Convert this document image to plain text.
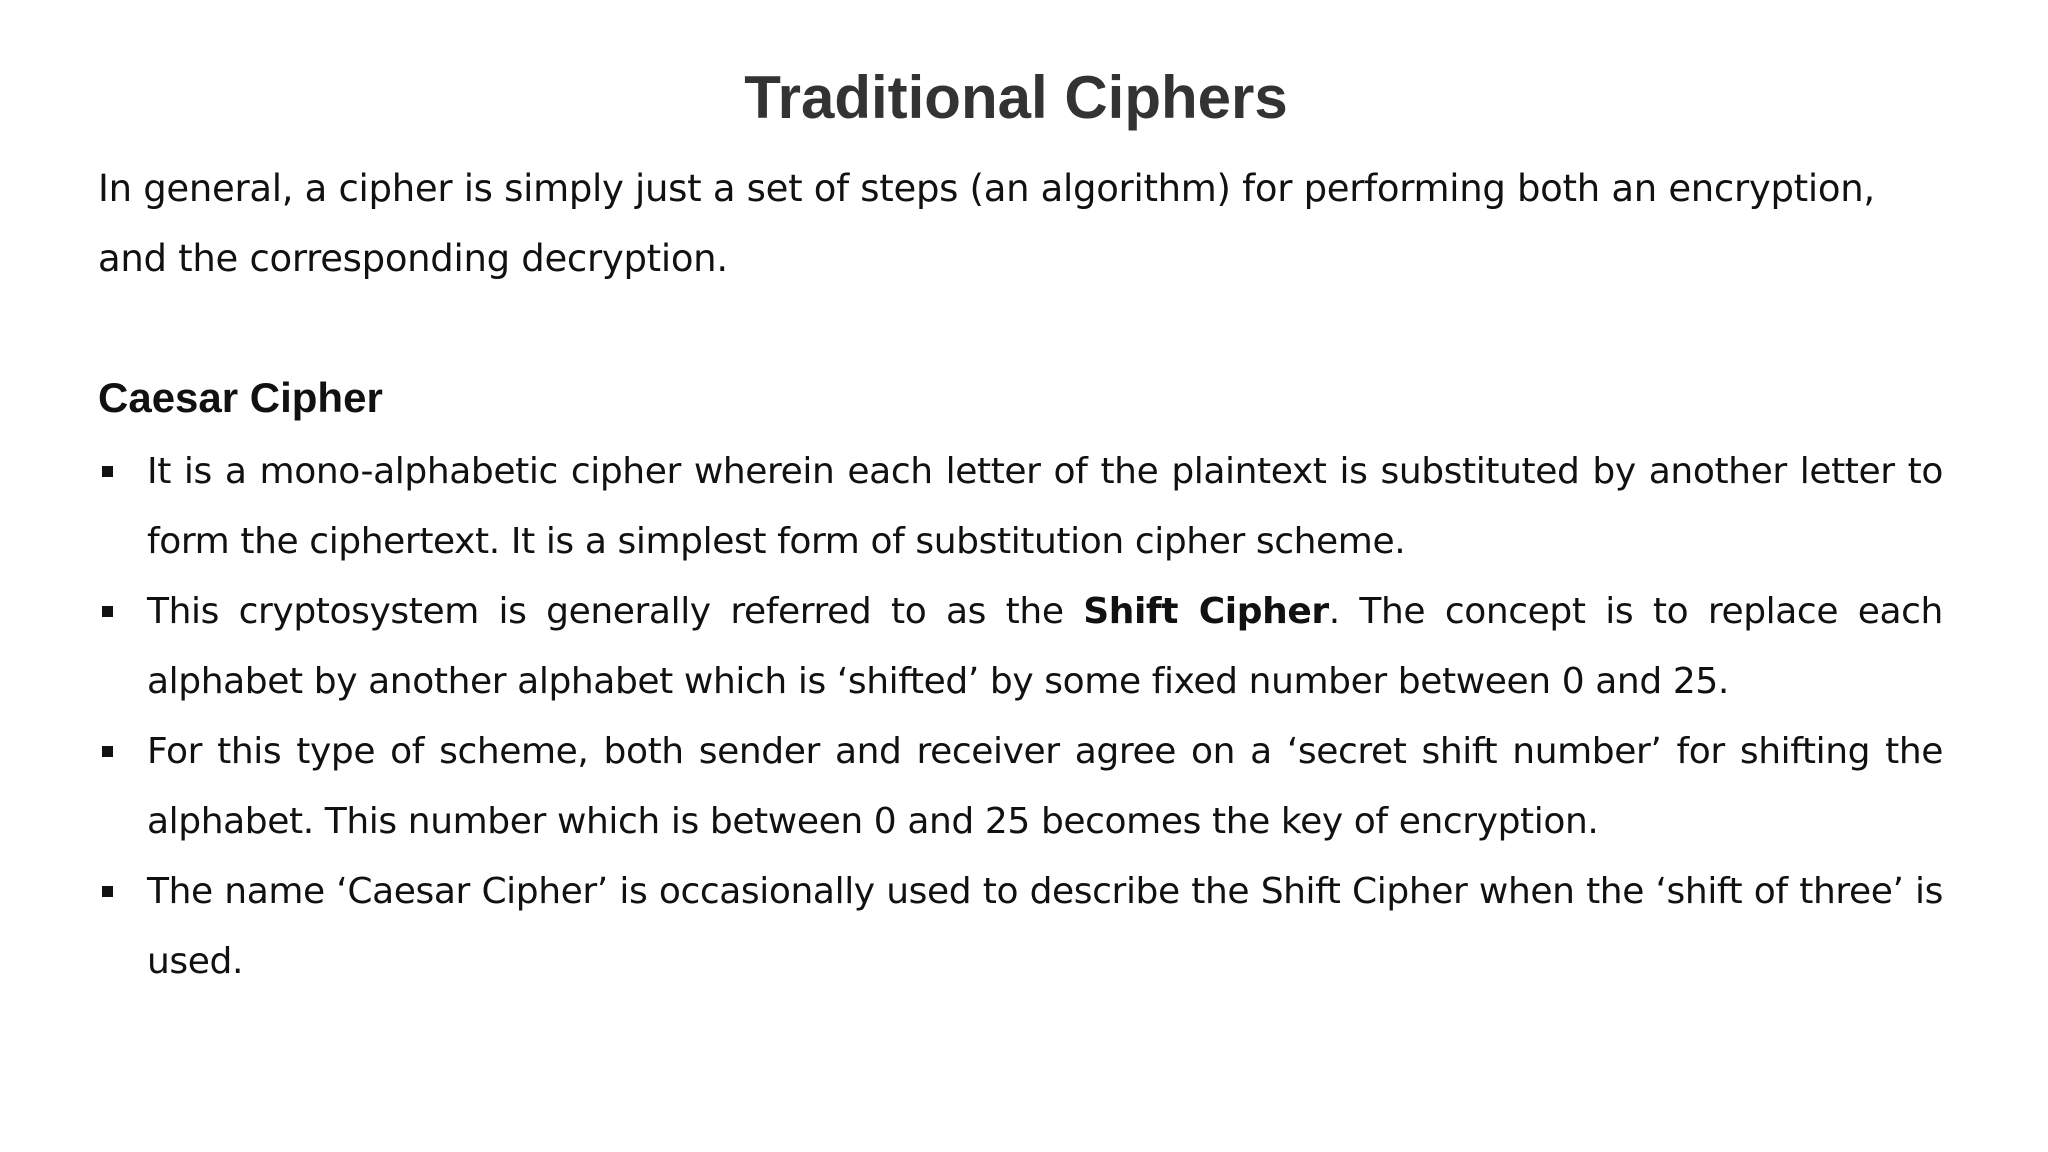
Traditional Ciphers

In general, a cipher is simply just a set of steps (an algorithm) for performing both an encryption, and the corresponding decryption.

Caesar Cipher
It is a mono-alphabetic cipher wherein each letter of the plaintext is substituted by another letter to form the ciphertext. It is a simplest form of substitution cipher scheme.
This cryptosystem is generally referred to as the Shift Cipher. The concept is to replace each alphabet by another alphabet which is ‘shifted’ by some fixed number between 0 and 25.
For this type of scheme, both sender and receiver agree on a ‘secret shift number’ for shifting the alphabet. This number which is between 0 and 25 becomes the key of encryption.
The name ‘Caesar Cipher’ is occasionally used to describe the Shift Cipher when the ‘shift of three’ is used.
